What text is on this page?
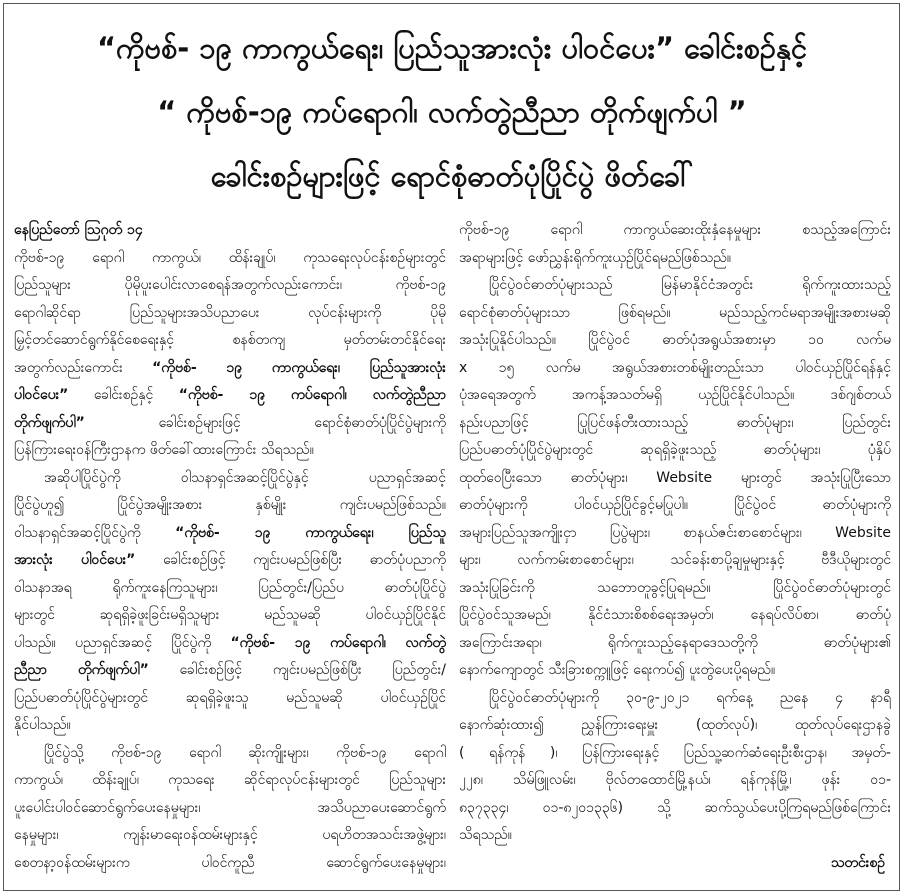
“ကိုဗစ်- ၁၉ ကာကွယ်ရေး၊ ပြည်သူအားလုံး ပါဝင်ပေး” ခေါင်းစဉ်နှင့်
“ ကိုဗစ်-၁၉ ကပ်ရောဂါ၊ လက်တွဲညီညာ တိုက်ဖျက်ပါ ”
ခေါင်းစဉ်များဖြင့် ရောင်စုံဓာတ်ပုံပြိုင်ပွဲ ဖိတ်ခေါ်
နေပြည်တော် ဩဂုတ် ၁၄
ကိုဗစ်-၁၉ ရောဂါ ကာကွယ်၊ ထိန်းချုပ်၊ ကုသရေးလုပ်ငန်းစဉ်များတွင်
ပြည်သူများ ပိုမိုပူးပေါင်းလာစေရန်အတွက်လည်းကောင်း၊ ကိုဗစ်-၁၉
ရောဂါဆိုင်ရာ ပြည်သူများအသိပညာပေး လုပ်ငန်းများကို ပိုမို
မြှင့်တင်ဆောင်ရွက်နိုင်စေရေးနှင့် စနစ်တကျ မှတ်တမ်းတင်နိုင်ရေး
အတွက်လည်းကောင်း “ကိုဗစ်- ၁၉ ကာကွယ်ရေး၊ ပြည်သူအားလုံး
ပါဝင်ပေး” ခေါင်းစဉ်နှင့် “ကိုဗစ်- ၁၉ ကပ်ရောဂါ၊ လက်တွဲညီညာ
တိုက်ဖျက်ပါ” ခေါင်းစဉ်များဖြင့် ရောင်စုံဓာတ်ပုံပြိုင်ပွဲများကို
ပြန်ကြားရေးဝန်ကြီးဌာနက ဖိတ်ခေါ်ထားကြောင်း သိရသည်။
အဆိုပါပြိုင်ပွဲကို ဝါသနာရှင်အဆင့်ပြိုင်ပွဲနှင့် ပညာရှင်အဆင့်
ပြိုင်ပွဲဟူ၍ ပြိုင်ပွဲအမျိုးအစား နှစ်မျိုး ကျင်းပမည်ဖြစ်သည်။
ဝါသနာရှင်အဆင့်ပြိုင်ပွဲကို “ကိုဗစ်- ၁၉ ကာကွယ်ရေး၊ ပြည်သူ
အားလုံး ပါဝင်ပေး” ခေါင်းစဉ်ဖြင့် ကျင်းပမည်ဖြစ်ပြီး ဓာတ်ပုံပညာကို
ဝါသနာအရ ရိုက်ကူးနေကြသူများ၊ ပြည်တွင်း/ပြည်ပ ဓာတ်ပုံပြိုင်ပွဲ
များတွင် ဆုရရှိခဲ့ဖူးခြင်းမရှိသူများ မည်သူမဆို ပါဝင်ယှဉ်ပြိုင်နိုင်
ပါသည်။ ပညာရှင်အဆင့် ပြိုင်ပွဲကို “ကိုဗစ်- ၁၉ ကပ်ရောဂါ၊ လက်တွဲ
ညီညာ တိုက်ဖျက်ပါ” ခေါင်းစဉ်ဖြင့် ကျင်းပမည်ဖြစ်ပြီး ပြည်တွင်း/
ပြည်ပဓာတ်ပုံပြိုင်ပွဲများတွင် ဆုရရှိခဲ့ဖူးသူ မည်သူမဆို ပါဝင်ယှဉ်ပြိုင်
နိုင်ပါသည်။
ပြိုင်ပွဲသို့ ကိုဗစ်-၁၉ ရောဂါ ဆိုးကျိုးများ၊ ကိုဗစ်-၁၉ ရောဂါ
ကာကွယ်၊ ထိန်းချုပ်၊ ကုသရေး ဆိုင်ရာလုပ်ငန်းများတွင် ပြည်သူများ
ပူးပေါင်းပါဝင်ဆောင်ရွက်ပေးနေမှုများ၊ အသိပညာပေးဆောင်ရွက်
နေမှုများ၊ ကျန်းမာရေးဝန်ထမ်းများနှင့် ပရဟိတအသင်းအဖွဲ့များ၊
စေတနာ့ဝန်ထမ်းများက ပါဝင်ကူညီ ဆောင်ရွက်ပေးနေမှုများ၊
ကိုဗစ်-၁၉ ရောဂါ ကာကွယ်ဆေးထိုးနှံနေမှုများ စသည့်အကြောင်း
အရာများဖြင့် ဖော်ညွှန်းရိုက်ကူးယှဉ်ပြိုင်ရမည်ဖြစ်သည်။
ပြိုင်ပွဲဝင်ဓာတ်ပုံများသည် မြန်မာနိုင်ငံအတွင်း ရိုက်ကူးထားသည့်
ရောင်စုံဓာတ်ပုံများသာ ဖြစ်ရမည်။ မည်သည့်ကင်မရာအမျိုးအစားမဆို
အသုံးပြုနိုင်ပါသည်။ ပြိုင်ပွဲဝင် ဓာတ်ပုံအရွယ်အစားမှာ ၁၀ လက်မ
x ၁၅ လက်မ အရွယ်အစားတစ်မျိုးတည်းသာ ပါဝင်ယှဉ်ပြိုင်ရန်နှင့်
ပုံအရေအတွက် အကန့်အသတ်မရှိ ယှဉ်ပြိုင်နိုင်ပါသည်။ ဒစ်ဂျစ်တယ်
နည်းပညာဖြင့် ပြုပြင်ဖန်တီးထားသည့် ဓာတ်ပုံများ၊ ပြည်တွင်း
ပြည်ပဓာတ်ပုံပြိုင်ပွဲများတွင် ဆုရရှိခဲ့ဖူးသည့် ဓာတ်ပုံများ၊ ပုံနှိပ်
ထုတ်ဝေပြီးသော ဓာတ်ပုံများ၊ Website များတွင် အသုံးပြုပြီးသော
ဓာတ်ပုံများကို ပါဝင်ယှဉ်ပြိုင်ခွင့်မပြုပါ။ ပြိုင်ပွဲဝင် ဓာတ်ပုံများကို
အများပြည်သူအကျိုးငှာ ပြပွဲများ၊ စာနယ်ဇင်းစာစောင်များ၊ Website
များ၊ လက်ကမ်းစာစောင်များ၊ သင်ခန်းစာပို့ချမှုများနှင့် ဗီဒီယိုများတွင်
အသုံးပြုခြင်းကို သဘောတူခွင့်ပြုရမည်။ ပြိုင်ပွဲဝင်ဓာတ်ပုံများတွင်
ပြိုင်ပွဲဝင်သူအမည်၊ နိုင်ငံသားစိစစ်ရေးအမှတ်၊ နေရပ်လိပ်စာ၊ ဓာတ်ပုံ
အကြောင်းအရာ၊ ရိုက်ကူးသည့်နေရာဒေသတို့ကို ဓာတ်ပုံများ၏
နောက်ကျောတွင် သီးခြားစက္ကူဖြင့် ရေးကပ်၍ ပူးတွဲပေးပို့ရမည်။
ပြိုင်ပွဲဝင်ဓာတ်ပုံများကို ၃၀-၉-၂၀၂၁ ရက်နေ့ ညနေ ၄ နာရီ
နောက်ဆုံးထား၍ ညွှန်ကြားရေးမှူး (ထုတ်လုပ်)၊ ထုတ်လုပ်ရေးဌာနခွဲ
( ရန်ကုန် )၊ ပြန်ကြားရေးနှင့် ပြည်သူ့ဆက်ဆံရေးဦးစီးဌာန၊ အမှတ်-
၂၂၈၊ သိမ်ဖြူလမ်း၊ ဗိုလ်တထောင်မြို့နယ်၊ ရန်ကုန်မြို့၊ ဖုန်း ၀၁-
၈၃၇၃၃၄၊ ၀၁-၈၂၀၁၃၃၆) သို့ ဆက်သွယ်ပေးပို့ကြရမည်ဖြစ်ကြောင်း
သိရသည်။
သတင်းစဉ်
